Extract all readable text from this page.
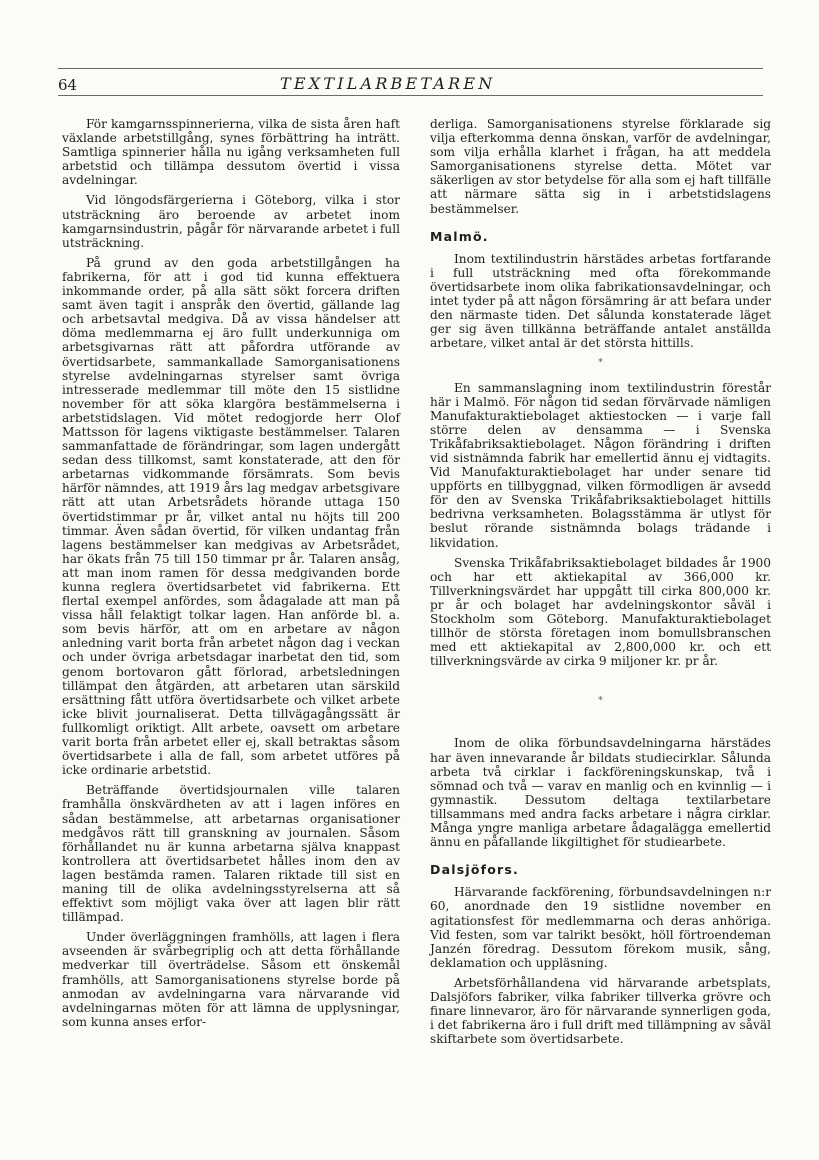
64	TEXTILARBETAREN

För kamgarnsspinnerierna, vilka de sista åren haft växlande arbetstillgång, synes förbättring ha inträtt. Samtliga spinnerier hålla nu igång verksamheten full arbetstid och tillämpa dessutom övertid i vissa avdelningar.

Vid löngodsfärgerierna i Göteborg, vilka i stor utsträckning äro beroende av arbetet inom kamgarnsindustrin, pågår för närvarande arbetet i full utsträckning.

På grund av den goda arbetstillgången ha fabrikerna, för att i god tid kunna effektuera inkommande order, på alla sätt sökt forcera driften samt även tagit i anspråk den övertid, gällande lag och arbetsavtal medgiva. Då av vissa händelser att döma medlemmarna ej äro fullt underkunniga om arbetsgivarnas rätt att påfordra utförande av övertidsarbete, sammankallade Samorganisationens styrelse avdelningarnas styrelser samt övriga intresserade medlemmar till möte den 15 sistlidne november för att söka klargöra bestämmelserna i arbetstidslagen. Vid mötet redogjorde herr Olof Mattsson för lagens viktigaste bestämmelser. Talaren sammanfattade de förändringar, som lagen undergått sedan dess tillkomst, samt konstaterade, att den för arbetarnas vidkommande försämrats. Som bevis härför nämndes, att 1919 års lag medgav arbetsgivare rätt att utan Arbetsrådets hörande uttaga 150 övertidstimmar pr år, vilket antal nu höjts till 200 timmar. Även sådan övertid, för vilken undantag från lagens bestämmelser kan medgivas av Arbetsrådet, har ökats från 75 till 150 timmar pr år. Talaren ansåg, att man inom ramen för dessa medgivanden borde kunna reglera övertidsarbetet vid fabrikerna. Ett flertal exempel anfördes, som ådagalade att man på vissa håll felaktigt tolkar lagen. Han anförde bl. a. som bevis härför, att om en arbetare av någon anledning varit borta från arbetet någon dag i veckan och under övriga arbetsdagar inarbetat den tid, som genom bortovaron gått förlorad, arbetsledningen tillämpat den åtgärden, att arbetaren utan särskild ersättning fått utföra övertidsarbete och vilket arbete icke blivit journaliserat. Detta tillvägagångssätt är fullkomligt oriktigt. Allt arbete, oavsett om arbetare varit borta från arbetet eller ej, skall betraktas såsom övertidsarbete i alla de fall, som arbetet utföres på icke ordinarie arbetstid.

Beträffande övertidsjournalen ville talaren framhålla önskvärdheten av att i lagen införes en sådan bestämmelse, att arbetarnas organisationer medgåvos rätt till granskning av journalen. Såsom förhållandet nu är kunna arbetarna själva knappast kontrollera att övertidsarbetet hålles inom den av lagen bestämda ramen. Talaren riktade till sist en maning till de olika avdelningsstyrelserna att så effektivt som möjligt vaka över att lagen blir rätt tillämpad.

Under överläggningen framhölls, att lagen i flera avseenden är svårbegriplig och att detta förhållande medverkar till överträdelse. Såsom ett önskemål framhölls, att Samorganisationens styrelse borde på anmodan av avdelningarna vara närvarande vid avdelningarnas möten för att lämna de upplysningar, som kunna anses erfor-

derliga. Samorganisationens styrelse förklarade sig vilja efterkomma denna önskan, varför de avdelningar, som vilja erhålla klarhet i frågan, ha att meddela Samorganisationens styrelse detta. Mötet var säkerligen av stor betydelse för alla som ej haft tillfälle att närmare sätta sig in i arbetstidslagens bestämmelser.

Malmö.

Inom textilindustrin härstädes arbetas fortfarande i full utsträckning med ofta förekommande övertidsarbete inom olika fabrikationsavdelningar, och intet tyder på att någon försämring är att befara under den närmaste tiden. Det sålunda konstaterade läget ger sig även tillkänna beträffande antalet anställda arbetare, vilket antal är det största hittills.

*

En sammanslagning inom textilindustrin förestår här i Malmö. För någon tid sedan förvärvade nämligen Manufakturaktiebolaget aktiestocken — i varje fall större delen av densamma — i Svenska Trikåfabriksaktiebolaget. Någon förändring i driften vid sistnämnda fabrik har emellertid ännu ej vidtagits. Vid Manufakturaktiebolaget har under senare tid uppförts en tillbyggnad, vilken förmodligen är avsedd för den av Svenska Trikåfabriksaktiebolaget hittills bedrivna verksamheten. Bolagsstämma är utlyst för beslut rörande sistnämnda bolags trädande i likvidation.

Svenska Trikåfabriksaktiebolaget bildades år 1900 och har ett aktiekapital av 366,000 kr. Tillverkningsvärdet har uppgått till cirka 800,000 kr. pr år och bolaget har avdelningskontor såväl i Stockholm som Göteborg. Manufakturaktiebolaget tillhör de största företagen inom bomullsbranschen med ett aktiekapital av 2,800,000 kr. och ett tillverkningsvärde av cirka 9 miljoner kr. pr år.

*

Inom de olika förbundsavdelningarna härstädes har även innevarande år bildats studiecirklar. Sålunda arbeta två cirklar i fackföreningskunskap, två i sömnad och två — varav en manlig och en kvinnlig — i gymnastik. Dessutom deltaga textilarbetare tillsammans med andra facks arbetare i några cirklar. Många yngre manliga arbetare ådagalägga emellertid ännu en påfallande likgiltighet för studiearbete.

Dalsjöfors.

Härvarande fackförening, förbundsavdelningen n:r 60, anordnade den 19 sistlidne november en agitationsfest för medlemmarna och deras anhöriga. Vid festen, som var talrikt besökt, höll förtroendeman Janzén föredrag. Dessutom förekom musik, sång, deklamation och uppläsning.

Arbetsförhållandena vid härvarande arbetsplats, Dalsjöfors fabriker, vilka fabriker tillverka grövre och finare linnevaror, äro för närvarande synnerligen goda, i det fabrikerna äro i full drift med tillämpning av såväl skiftarbete som övertidsarbete.
